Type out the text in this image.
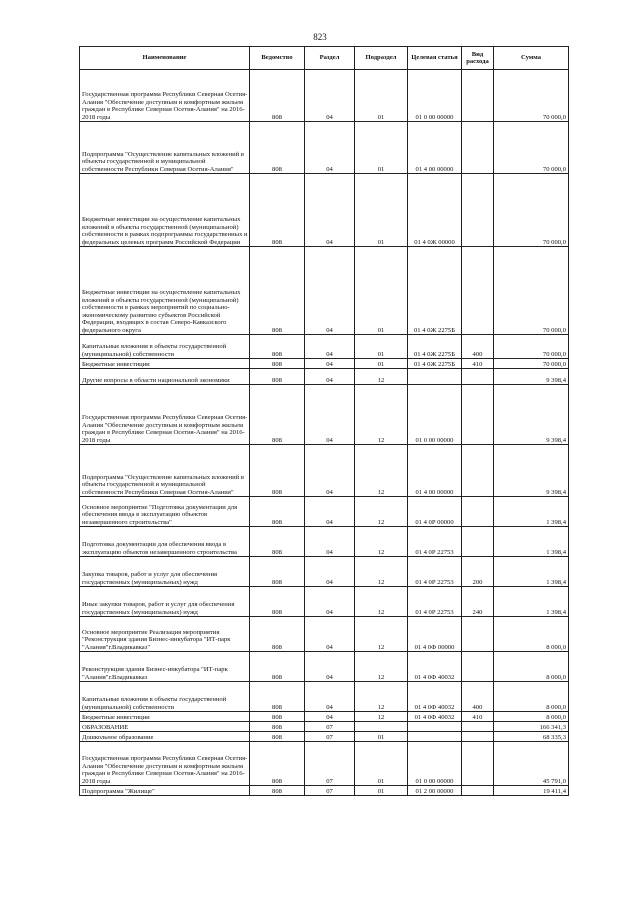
823
Наименование	Ведомство	Раздел	Подраздел	Целевая статья	Вид расхода	Сумма
Государственная программа Республики Северная Осетия-Алания "Обеспечение доступным и комфортным жильем граждан в Республике Северная Осетия-Алания" на 2016-2018 годы	808	04	01	01 0 00 00000		70 000,0
Подпрограмма "Осуществление капитальных вложений в объекты государственной и муниципальной собственности Республики Северная Осетия-Алания"	808	04	01	01 4 00 00000		70 000,0
Бюджетные инвестиции на осуществление капитальных вложений в объекты государственной (муниципальной) собственности в рамках подпрограммы государственных и федеральных целевых программ Российской Федерации	808	04	01	01 4 0Ж 00000		70 000,0
Бюджетные инвестиции на осуществление капитальных вложений в объекты государственной (муниципальной) собственности в рамках мероприятий по социально-экономическому развитию субъектов Российской Федерации, входящих в состав Северо-Кавказского федерального округа	808	04	01	01 4 0Ж 2275Б		70 000,0
Капитальные вложения в объекты государственной (муниципальной) собственности	808	04	01	01 4 0Ж 2275Б	400	70 000,0
Бюджетные инвестиции	808	04	01	01 4 0Ж 2275Б	410	70 000,0
Другие вопросы в области национальной экономики	808	04	12			9 398,4
Государственная программа Республики Северная Осетия-Алания "Обеспечение доступным и комфортным жильем граждан в Республике Северная Осетия-Алания" на 2016-2018 годы	808	04	12	01 0 00 00000		9 398,4
Подпрограмма "Осуществление капитальных вложений в объекты государственной и муниципальной собственности Республики Северная Осетия-Алания"	808	04	12	01 4 00 00000		9 398,4
Основное мероприятие "Подготовка документации для обеспечения ввода в эксплуатацию объектов незавершенного строительства"	808	04	12	01 4 0Р 00000		1 398,4
Подготовка документации для обеспечения ввода в эксплуатацию объектов незавершенного строительства	808	04	12	01 4 0Р 22753		1 398,4
Закупка товаров, работ и услуг для обеспечения государственных (муниципальных) нужд	808	04	12	01 4 0Р 22753	200	1 398,4
Иные закупки товаров, работ и услуг для обеспечения государственных (муниципальных) нужд	808	04	12	01 4 0Р 22753	240	1 398,4
Основное мероприятие Реализация мероприятия "Реконструкция здания Бизнес-инкубатора "ИТ-парк "Алания"г.Владикавказ"	808	04	12	01 4 0Ф 00000		8 000,0
Реконструкция здания Бизнес-инкубатора "ИТ-парк "Алания"г.Владикавказ	808	04	12	01 4 0Ф 40032		8 000,0
Капитальные вложения в объекты государственной (муниципальной) собственности	808	04	12	01 4 0Ф 40032	400	8 000,0
Бюджетные инвестиции	808	04	12	01 4 0Ф 40032	410	8 000,0
ОБРАЗОВАНИЕ	808	07				166 341,3
Дошкольное образование	808	07	01			68 335,3
Государственная программа Республики Северная Осетия-Алания "Обеспечение доступным и комфортным жильем граждан в Республике Северная Осетия-Алания" на 2016-2018 годы	808	07	01	01 0 00 00000		45 791,0
Подпрограмма "Жилище"	808	07	01	01 2 00 00000		19 411,4
